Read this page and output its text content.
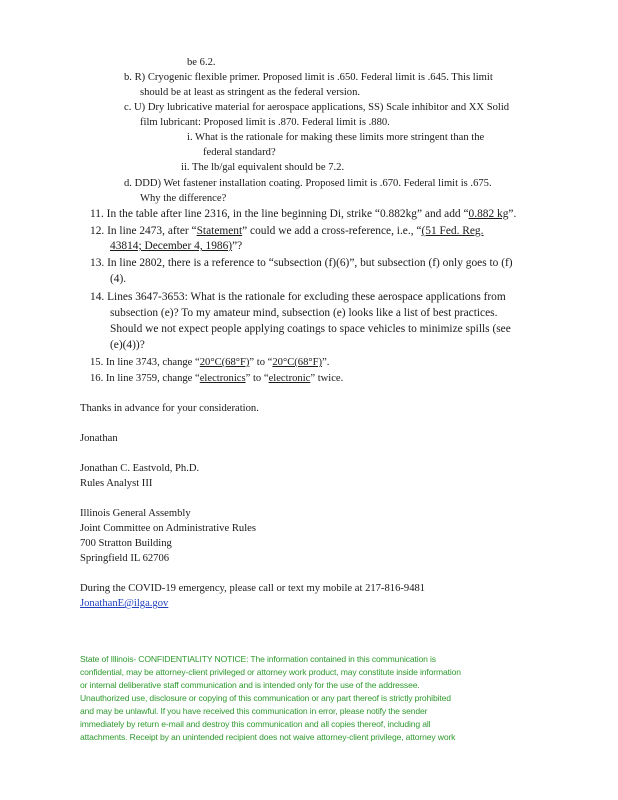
be 6.2.
b. R) Cryogenic flexible primer. Proposed limit is .650. Federal limit is .645. This limit
should be at least as stringent as the federal version.
c. U) Dry lubricative material for aerospace applications, SS) Scale inhibitor and XX Solid
film lubricant: Proposed limit is .870. Federal limit is .880.
i. What is the rationale for making these limits more stringent than the
federal standard?
ii. The lb/gal equivalent should be 7.2.
d. DDD) Wet fastener installation coating. Proposed limit is .670. Federal limit is .675.
Why the difference?
11. In the table after line 2316, in the line beginning Di, strike “0.882kg” and add “0.882 kg”.
12. In line 2473, after “Statement” could we add a cross-reference, i.e., “(51 Fed. Reg.
43814; December 4, 1986)”?
13. In line 2802, there is a reference to “subsection (f)(6)”, but subsection (f) only goes to (f)
(4).
14. Lines 3647-3653: What is the rationale for excluding these aerospace applications from
subsection (e)? To my amateur mind, subsection (e) looks like a list of best practices.
Should we not expect people applying coatings to space vehicles to minimize spills (see
(e)(4))?
15. In line 3743, change “20°C(68°F)” to “20°C(68°F)”.
16. In line 3759, change “electronics” to “electronic” twice.
Thanks in advance for your consideration.
Jonathan
Jonathan C. Eastvold, Ph.D.
Rules Analyst III
Illinois General Assembly
Joint Committee on Administrative Rules
700 Stratton Building
Springfield IL 62706
During the COVID-19 emergency, please call or text my mobile at 217-816-9481
JonathanE@ilga.gov
State of Illinois- CONFIDENTIALITY NOTICE: The information contained in this communication is
confidential, may be attorney-client privileged or attorney work product, may constitute inside information
or internal deliberative staff communication and is intended only for the use of the addressee.
Unauthorized use, disclosure or copying of this communication or any part thereof is strictly prohibited
and may be unlawful. If you have received this communication in error, please notify the sender
immediately by return e-mail and destroy this communication and all copies thereof, including all
attachments. Receipt by an unintended recipient does not waive attorney-client privilege, attorney work
